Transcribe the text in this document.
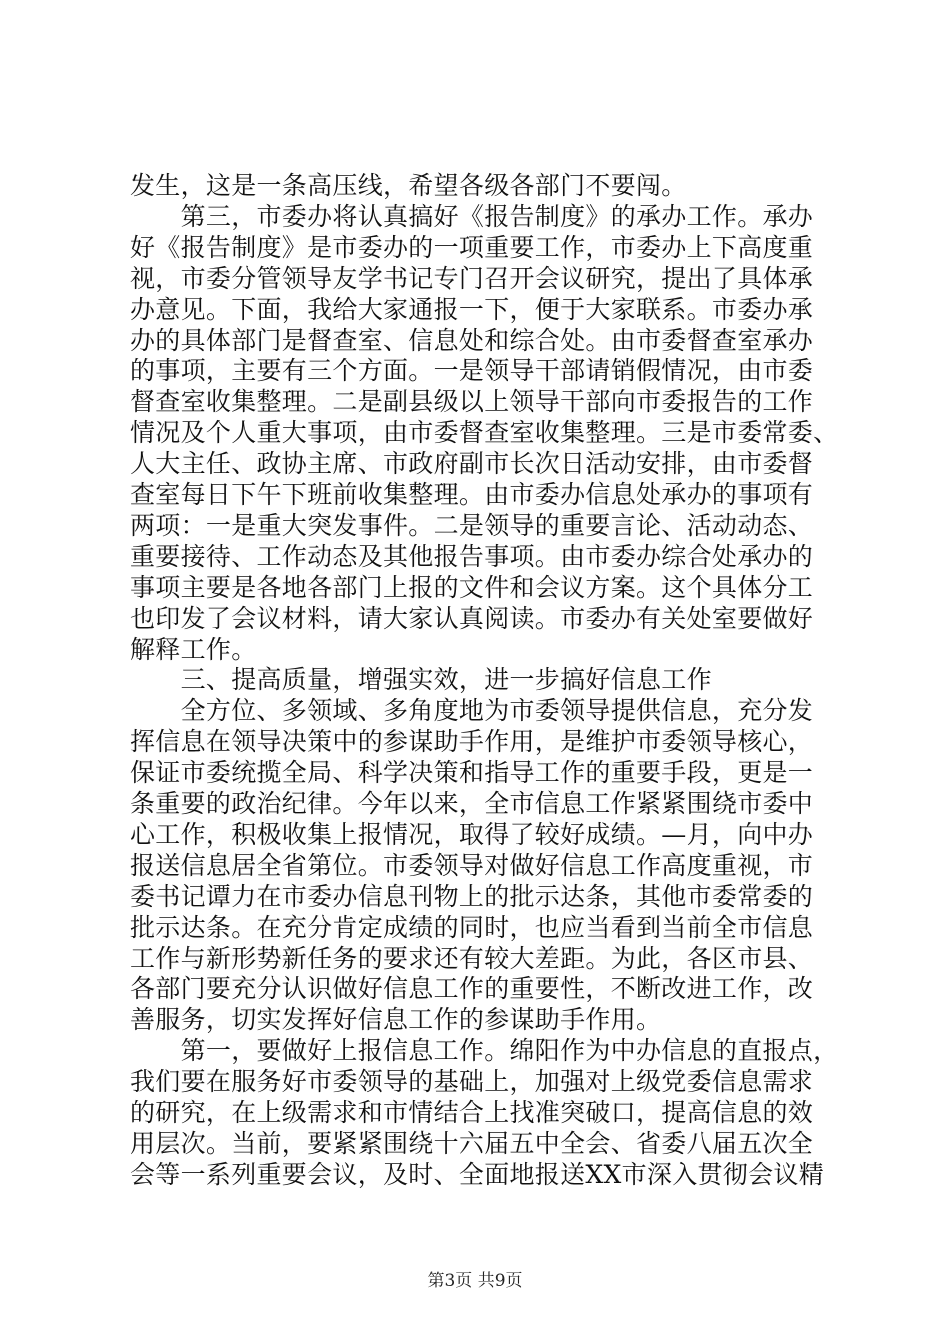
发生，这是一条高压线，希望各级各部门不要闯。
　　第三，市委办将认真搞好《报告制度》的承办工作。承办
好《报告制度》是市委办的一项重要工作，市委办上下高度重
视，市委分管领导友学书记专门召开会议研究，提出了具体承
办意见。下面，我给大家通报一下，便于大家联系。市委办承
办的具体部门是督查室、信息处和综合处。由市委督查室承办
的事项，主要有三个方面。一是领导干部请销假情况，由市委
督查室收集整理。二是副县级以上领导干部向市委报告的工作
情况及个人重大事项，由市委督查室收集整理。三是市委常委、
人大主任、政协主席、市政府副市长次日活动安排，由市委督
查室每日下午下班前收集整理。由市委办信息处承办的事项有
两项：一是重大突发事件。二是领导的重要言论、活动动态、
重要接待、工作动态及其他报告事项。由市委办综合处承办的
事项主要是各地各部门上报的文件和会议方案。这个具体分工
也印发了会议材料，请大家认真阅读。市委办有关处室要做好
解释工作。
　　三、提高质量，增强实效，进一步搞好信息工作
　　全方位、多领域、多角度地为市委领导提供信息，充分发
挥信息在领导决策中的参谋助手作用，是维护市委领导核心，
保证市委统揽全局、科学决策和指导工作的重要手段，更是一
条重要的政治纪律。今年以来，全市信息工作紧紧围绕市委中
心工作，积极收集上报情况，取得了较好成绩。—月，向中办
报送信息居全省第位。市委领导对做好信息工作高度重视，市
委书记谭力在市委办信息刊物上的批示达条，其他市委常委的
批示达条。在充分肯定成绩的同时，也应当看到当前全市信息
工作与新形势新任务的要求还有较大差距。为此，各区市县、
各部门要充分认识做好信息工作的重要性，不断改进工作，改
善服务，切实发挥好信息工作的参谋助手作用。
　　第一，要做好上报信息工作。绵阳作为中办信息的直报点，
我们要在服务好市委领导的基础上，加强对上级党委信息需求
的研究，在上级需求和市情结合上找准突破口，提高信息的效
用层次。当前，要紧紧围绕十六届五中全会、省委八届五次全
会等一系列重要会议，及时、全面地报送XX市深入贯彻会议精
第3页 共9页
